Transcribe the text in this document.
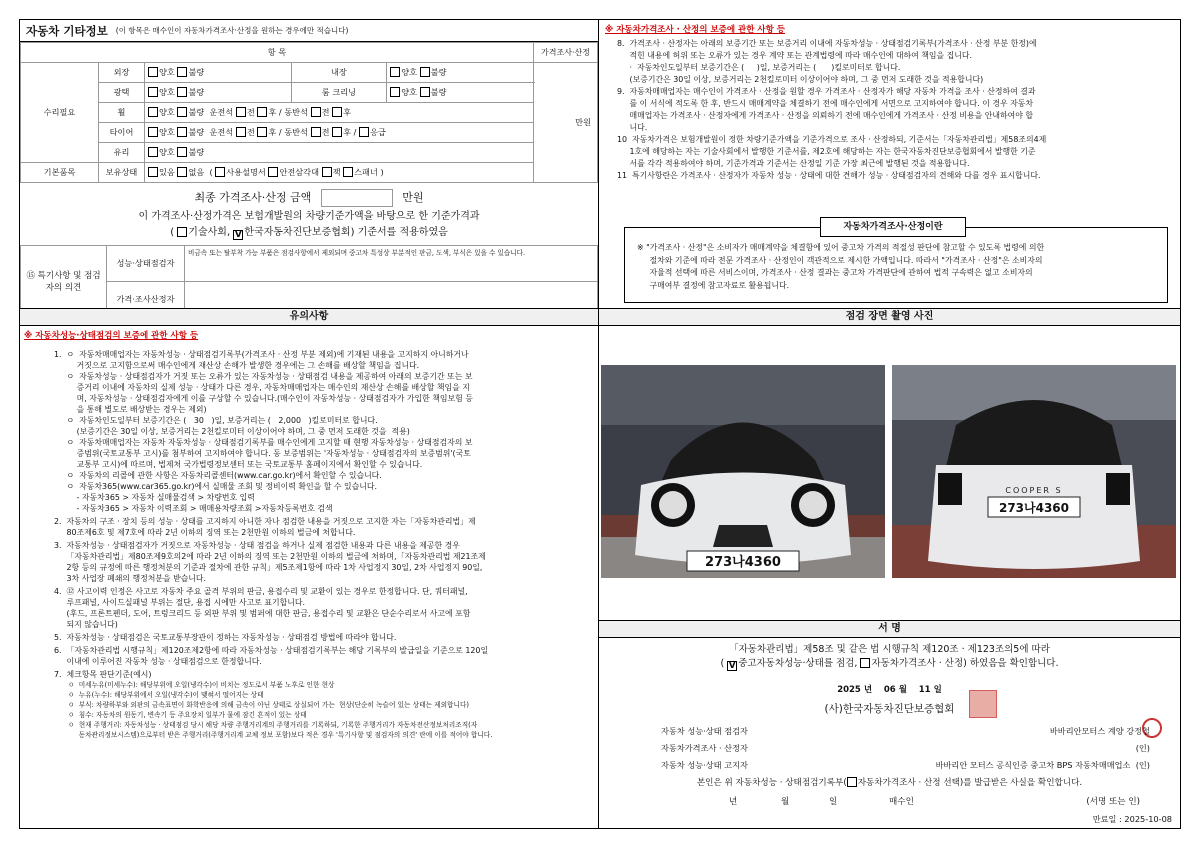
자동차 기타정보 (이 항목은 매수인이 자동차가격조사·산정을 원하는 경우에만 적습니다)
항 목					가격조사·산정
수리필요	외장	양호 불량	내장	양호 불량	만원
	광택	양호 불량	룸 크리닝	양호 불량	
	휠	양호 불량 운전석 전 후 / 동반석 전 후			
	타이어	양호 불량 운전석 전 후 / 동반석 전 후 / 응급			
	유리	양호 불량			
기본품목	보유상태	있음 없음  ( 사용설명서 안전삼각대 잭 스패너 )			
최종 가격조사·산정 금액	만원
이 가격조사·산정가격은 보험개발원의 차량기준가액을 바탕으로 한 기준가격과
( 기술사회, V 한국자동차진단보증협회) 기준서를 적용하였음
⑮ 특기사항 및 점검자의 의견	성능·상태점검자	비금속 또는 탈부착 가능 부품은 점검사항에서 제외되며 중고차 특성상 부분적인 판금, 도색, 부식은 있을 수 있습니다.
	가격·조사산정자	
유의사항
※ 자동차성능·상태점검의 보증에 관한 사항 등
1.  ㅇ  자동차매매업자는 자동차성능 · 상태점검기록부(가격조사 · 산정 부분 제외)에 기재된 내용을 고지하지 아니하거나
거짓으로 고지함으로써 매수인에게 재산상 손해가 발생한 경우에는 그 손해를 배상할 책임을 집니다.
ㅇ  자동차성능 · 상태점검자가 거짓 또는 오류가 있는 자동차성능 · 상태점검 내용을 제공하여 아래의 보증기간 또는 보
증거리 이내에 자동차의 실제 성능 · 상태가 다른 경우, 자동차매매업자는 매수인의 재산상 손해를 배상할 책임을 지
며, 자동차성능 · 상태점검자에게 이를 구상할 수 있습니다.(매수인이 자동차성능 · 상태점검자가 가입한 책임보험 등
을 통해 별도로 배상받는 경우는 제외)
ㅇ  자동차인도일부터 보증기간은 (   30   )일, 보증거리는 (   2,000   )킬로미터로 합니다.
(보증기간은 30일 이상, 보증거리는 2천킬로미터 이상이어야 하며, 그 중 먼저 도래한 것을  적용)
ㅇ  자동차매매업자는 자동차 자동차성능 · 상태점검기록부를 매수인에게 고지할 때 현행 자동차성능 · 상태점검자의 보
증범위(국토교통부 고시)를 첨부하여 고지하여야 합니다. 동 보증범위는 '자동차성능 · 상태점검자의 보증범위'(국토
교통부 고시)에 따르며, 법제처 국가법령정보센터 또는 국토교통부 홈페이지에서 확인할 수 있습니다.
ㅇ  자동차의 리콜에 관한 사항은 자동차리콜센터(www.car.go.kr)에서 확인할 수 있습니다.
ㅇ  자동차365(www.car365.go.kr)에서 실매물 조회 및 정비이력 확인을 할 수 있습니다.
- 자동차365 > 자동차 실매물검색 > 차량번호 입력
- 자동차365 > 자동차 이력조회 > 매매용차량조회 >자동차등록번호 검색
2.  자동차의 구조 · 장치 등의 성능 · 상태를 고지하지 아니한 자나 점검한 내용을 거짓으로 고지한 자는「자동차관리법」제
80조제6호 및 제7호에 따라 2년 이하의 징역 또는 2천만원 이하의 벌금에 처합니다.
3.  자동차성능 · 상태점검자가 거짓으로 자동차성능 · 상태 점검을 하거나 실제 점검한 내용과 다른 내용을 제공한 경우
「자동차관리법」제80조제9호의2에 따라 2년 이하의 징역 또는 2천만원 이하의 벌금에 처하며,「자동차관리법 제21조제
2항 등의 규정에 따른 행정처분의 기준과 절차에 관한 규칙」제5조제1항에 따라 1차 사업정지 30일, 2차 사업정지 90일,
3차 사업장 폐쇄의 행정처분을 받습니다.
4.  ⑫ 사고이력 인정은 사고로 자동차 주요 골격 부위의 판금, 용접수리 및 교환이 있는 경우로 한정합니다. 단, 쿼터패널,
루프패널, 사이드실패널 부위는 절단, 용접 시에만 사고로 표기합니다.
(후드, 프론트펜더, 도어, 트렁크리드 등 외판 부위 및 범퍼에 대한 판금, 용접수리 및 교환은 단순수리로서 사고에 포함
되지 않습니다)
5.  자동차성능 · 상태점검은 국토교통부장관이 정하는 자동차성능 · 상태점검 방법에 따라야 합니다.
6.  「자동차관리법 시행규칙」제120조제2항에 따라 자동차성능 · 상태점검기록부는 해당 기록부의 발급일을 기준으로 120일
이내에 이루어진 자동차 성능 · 상태점검으로 한정합니다.
7.  체크항목 판단기준(예시)
ㅇ  미세누유(미세누수): 해당부위에 오일(냉각수)이 비치는 정도로서 부품 노후로 인한 현상
ㅇ  누유(누수): 해당부위에서 오일(냉각수)이 맺혀서 떨어지는 상태
ㅇ  부식: 차량하부와 외판의 금속표면이 화학반응에 의해 금속이 아닌 상태로 상실되어 가는  현상(단순히 녹슬어 있는 상태는 제외합니다)
ㅇ  침수: 자동차의 원동기, 변속기 등 주요장치 일부가 물에 잠긴 흔적이 있는 상태
ㅇ  현재 주행거리: 자동차성능 · 상태점검 당시 해당 차량 주행거리계의 주행거리를 기록하되, 기록한 주행거리가 자동차전산정보처리조직(자
동차관리정보시스템)으로부터 받은 주행거리(주행거리계 교체 정보 포함)보다 적은 경우 '특기사항 및 점검자의 의견' 란에 이를 적어야 합니다.
※ 자동차가격조사 · 산정의 보증에 관한 사항 등
8.  가격조사 · 산정자는 아래의 보증기간 또는 보증거리 이내에 자동차성능 · 상태점검기록부(가격조사 · 산정 부분 한정)에
적힌 내용에 허위 또는 오류가 있는 경우 계약 또는 관계법령에 따라 매수인에 대하여 책임을 집니다.
·  자동차인도일부터 보증기간은 (     )일, 보증거리는 (      )킬로미터로 합니다.
(보증기간은 30일 이상, 보증거리는 2천킬로미터 이상이어야 하며, 그 중 먼저 도래한 것을 적용합니다)
9.  자동차매매업자는 매수인이 가격조사 · 산정을 원할 경우 가격조사 · 산정자가 해당 자동차 가격을 조사 · 산정하여 결과
를 이 서식에 적도록 한 후, 반드시 매매계약을 체결하기 전에 매수인에게 서면으로 고지하여야 합니다. 이 경우 자동차
매매업자는 가격조사 · 산정자에게 가격조사 · 산정을 의뢰하기 전에 매수인에게 가격조사 · 산정 비용을 안내하여야 합
니다.
10  자동차가격은 보험개발원이 정한 차량기준가액을 기준가격으로 조사 · 산정하되, 기준서는「자동차관리법」제58조의4제
1호에 해당하는 자는 기술사회에서 발행한 기준서를, 제2호에 해당하는 자는 한국자동차진단보증협회에서 발행한 기준
서를 각각 적용하여야 하며, 기준가격과 기준서는 산정일 기준 가장 최근에 발행된 것을 적용합니다.
11  특기사항란은 가격조사 · 산정자가 자동차 성능 · 상태에 대한 견해가 성능 · 상태점검자의 견해와 다를 경우 표시합니다.
자동차가격조사·산정이란
※ "가격조사 · 산정"은 소비자가 매매계약을 체결함에 있어 중고차 가격의 적절성 판단에 참고할 수 있도록 법령에 의한
절차와 기준에 따라 전문 가격조사 · 산정인이 객관적으로 제시한 가액입니다. 따라서 "가격조사 · 산정"은 소비자의
자율적 선택에 따른 서비스이며, 가격조사 · 산정 결과는 중고차 가격판단에 관하여 법적 구속력은 없고 소비자의
구매여부 결정에 참고자료로 활용됩니다.
점검 장면 촬영 사진
273나4360
COOPER S
273나4360
서 명
「자동차관리법」제58조 및 같은 법 시행규칙 제120조 · 제123조의5에 따라
( V 중고자동차성능·상태를 점검, 자동차가격조사 · 산정) 하였음을 확인합니다.
2025 년 06 월 11 일
(사)한국자동차진단보증협회
자동차 성능·상태 점검자	바바리안모터스 계양 강정철
자동차가격조사 · 산정자	(인)
자동차 성능·상태 고지자	바바리안 모터스 공식인증 중고차 BPS 자동차매매업소 (인)
본인은 위 자동차성능 · 상태점검기록부( 자동차가격조사 · 산정 선택)를 발급받은 사실을 확인합니다.
년	월	일	매수인	(서명 또는 인)
만료일 : 2025-10-08
